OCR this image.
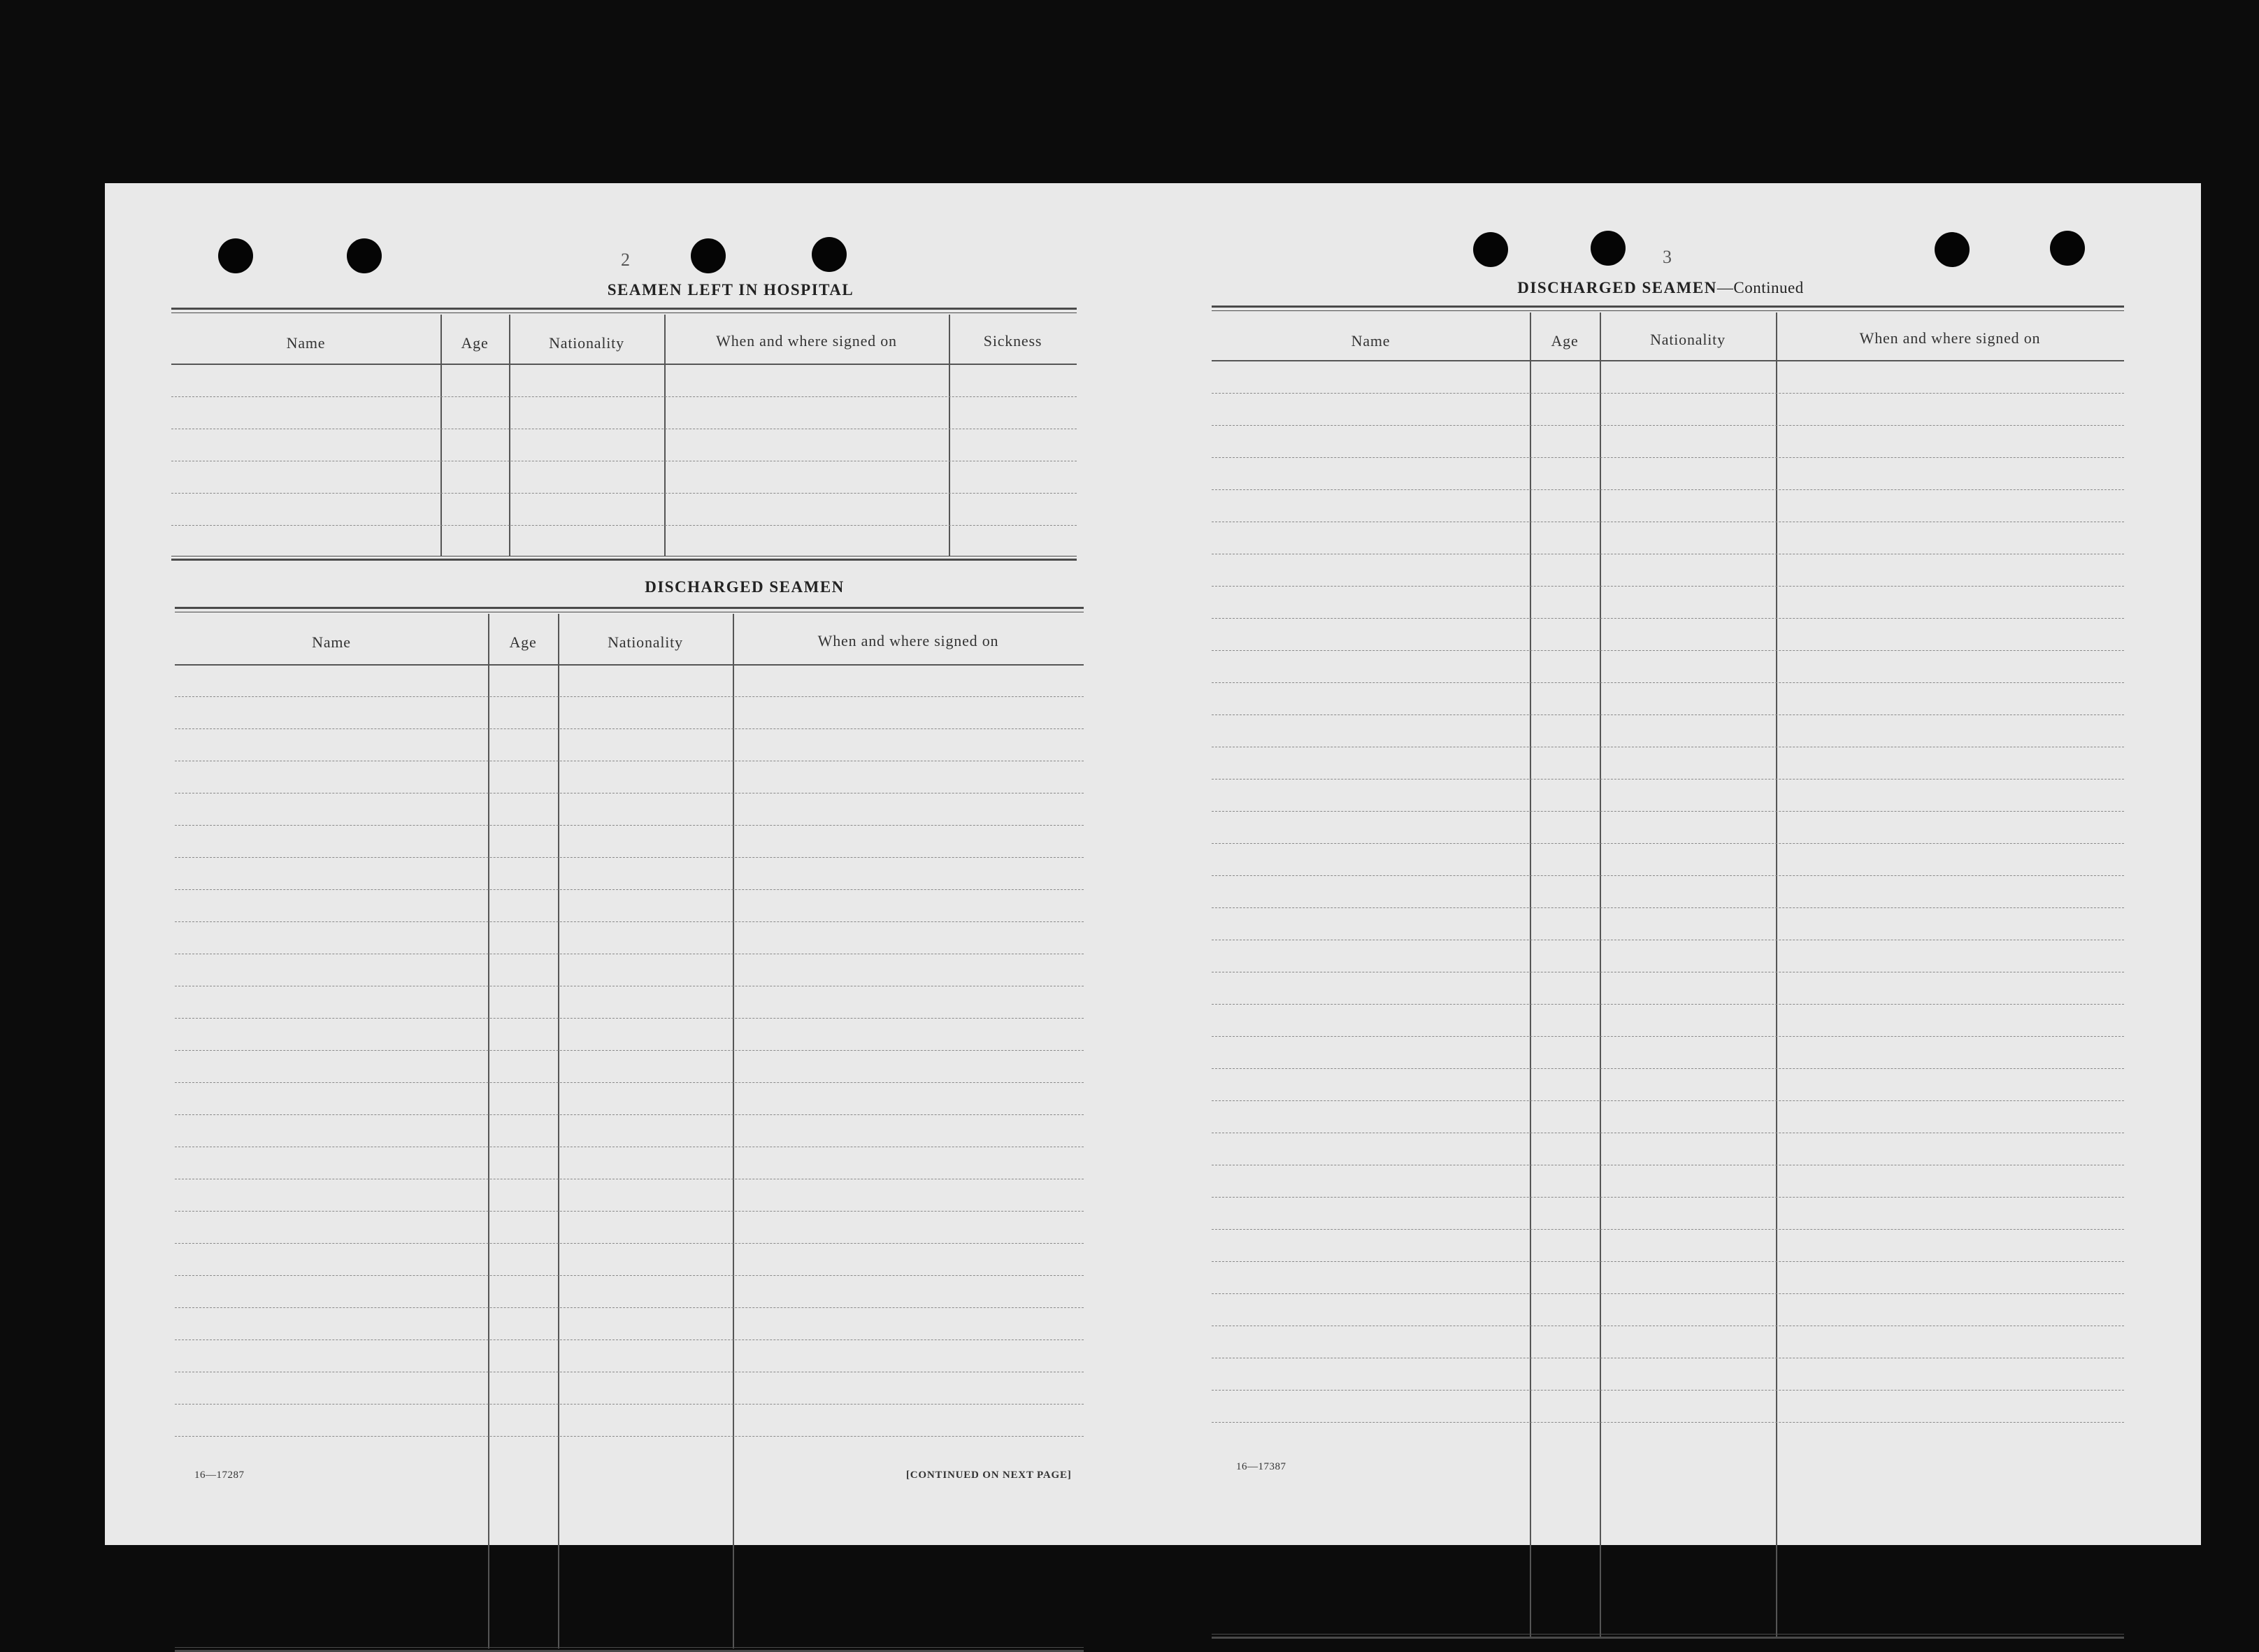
2
SEAMEN LEFT IN HOSPITAL
Name	Age	Nationality	When and where signed on	Sickness
DISCHARGED SEAMEN
Name	Age	Nationality	When and where signed on
16—17287	[CONTINUED ON NEXT PAGE]
3
DISCHARGED SEAMEN—Continued
Name	Age	Nationality	When and where signed on
16—17387
